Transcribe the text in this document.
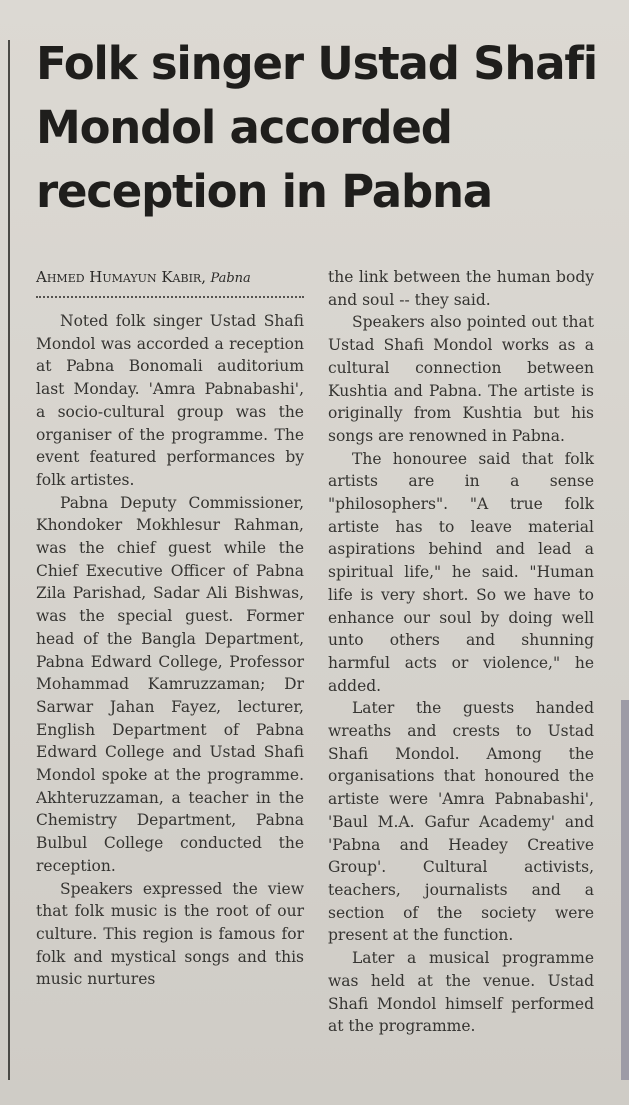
Folk singer Ustad Shafi Mondol accorded reception in Pabna
Ahmed Humayun Kabir, Pabna

Noted folk singer Ustad Shafi Mondol was accorded a reception at Pabna Bonomali auditorium last Monday. 'Amra Pabnabashi', a socio-cultural group was the organiser of the programme. The event featured performances by folk artistes.

Pabna Deputy Commissioner, Khondoker Mokhlesur Rahman, was the chief guest while the Chief Executive Officer of Pabna Zila Parishad, Sadar Ali Bishwas, was the special guest. Former head of the Bangla Department, Pabna Edward College, Professor Mohammad Kamruzzaman; Dr Sarwar Jahan Fayez, lecturer, English Department of Pabna Edward College and Ustad Shafi Mondol spoke at the programme. Akhteruzzaman, a teacher in the Chemistry Department, Pabna Bulbul College conducted the reception.

Speakers expressed the view that folk music is the root of our culture. This region is famous for folk and mystical songs and this music nurtures

the link between the human body and soul -- they said.

Speakers also pointed out that Ustad Shafi Mondol works as a cultural connection between Kushtia and Pabna. The artiste is originally from Kushtia but his songs are renowned in Pabna.

The honouree said that folk artists are in a sense "philosophers". "A true folk artiste has to leave material aspirations behind and lead a spiritual life," he said. "Human life is very short. So we have to enhance our soul by doing well unto others and shunning harmful acts or violence," he added.

Later the guests handed wreaths and crests to Ustad Shafi Mondol. Among the organisations that honoured the artiste were 'Amra Pabnabashi', 'Baul M.A. Gafur Academy' and 'Pabna and Headey Creative Group'. Cultural activists, teachers, journalists and a section of the society were present at the function.

Later a musical programme was held at the venue. Ustad Shafi Mondol himself performed at the programme.
